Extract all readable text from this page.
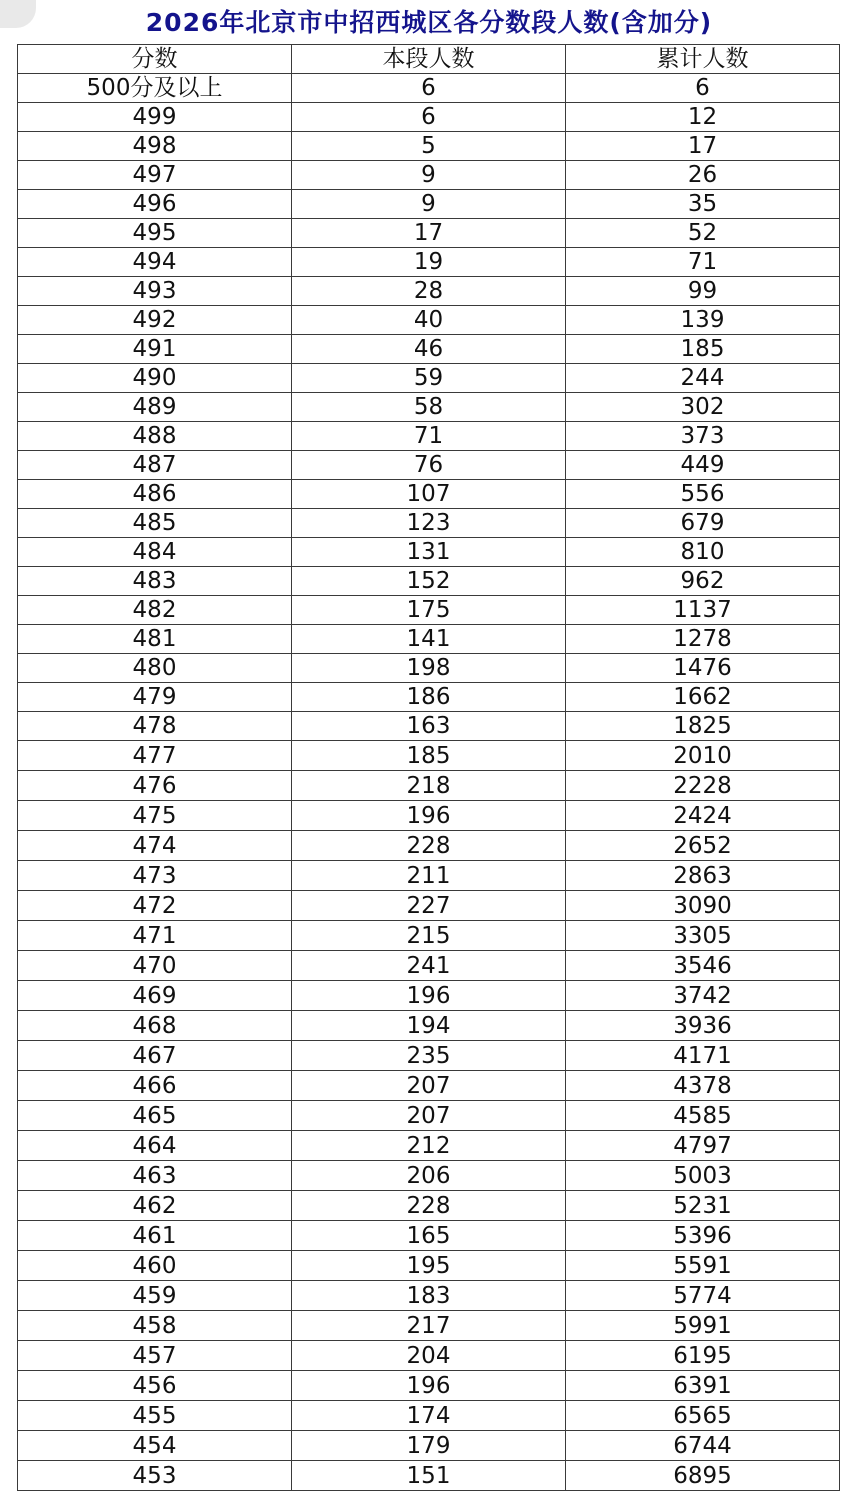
2026年北京市中招西城区各分数段人数(含加分)
分数	本段人数	累计人数
500分及以上	6	6
499	6	12
498	5	17
497	9	26
496	9	35
495	17	52
494	19	71
493	28	99
492	40	139
491	46	185
490	59	244
489	58	302
488	71	373
487	76	449
486	107	556
485	123	679
484	131	810
483	152	962
482	175	1137
481	141	1278
480	198	1476
479	186	1662
478	163	1825
477	185	2010
476	218	2228
475	196	2424
474	228	2652
473	211	2863
472	227	3090
471	215	3305
470	241	3546
469	196	3742
468	194	3936
467	235	4171
466	207	4378
465	207	4585
464	212	4797
463	206	5003
462	228	5231
461	165	5396
460	195	5591
459	183	5774
458	217	5991
457	204	6195
456	196	6391
455	174	6565
454	179	6744
453	151	6895
